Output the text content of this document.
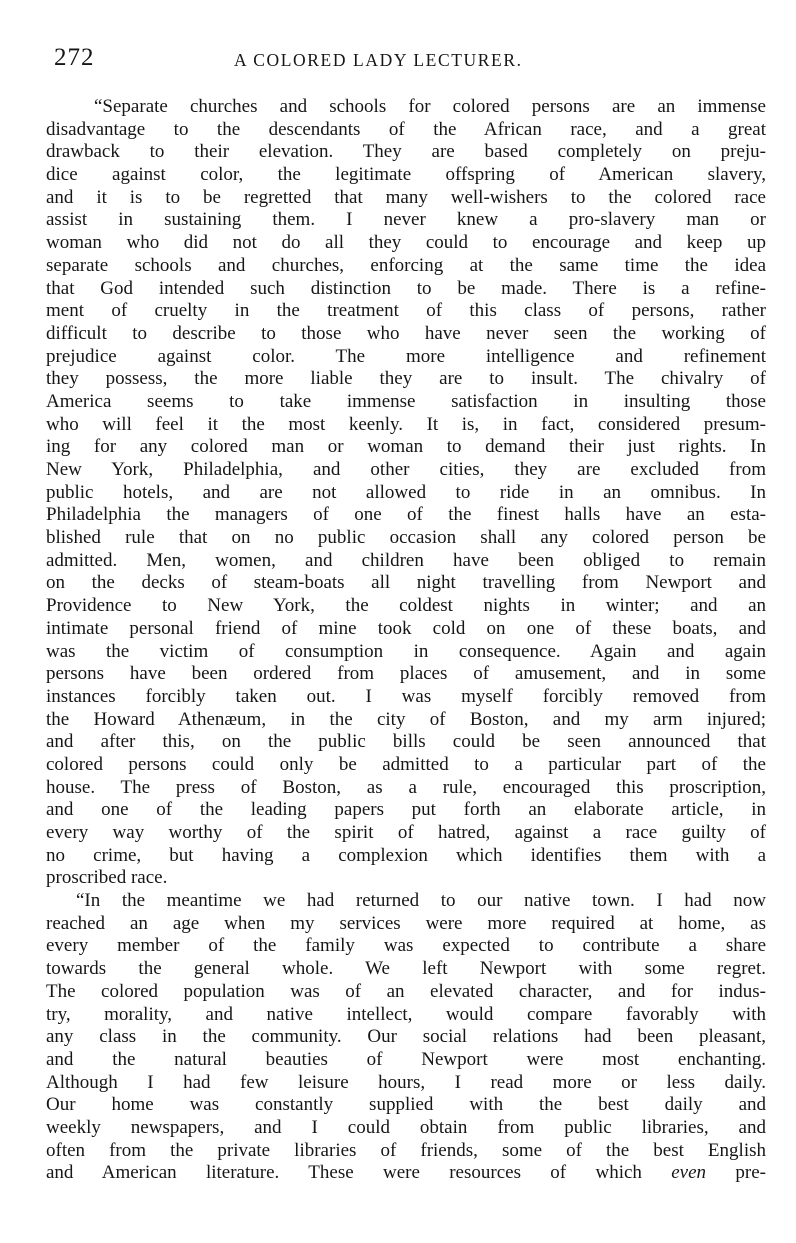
272	A COLORED LADY LECTURER.
“Separate churches and schools for colored persons are an immense
disadvantage to the descendants of the African race, and a great
drawback to their elevation. They are based completely on preju-
dice against color, the legitimate offspring of American slavery,
and it is to be regretted that many well-wishers to the colored race
assist in sustaining them. I never knew a pro-slavery man or
woman who did not do all they could to encourage and keep up
separate schools and churches, enforcing at the same time the idea
that God intended such distinction to be made. There is a refine-
ment of cruelty in the treatment of this class of persons, rather
difficult to describe to those who have never seen the working of
prejudice against color. The more intelligence and refinement
they possess, the more liable they are to insult. The chivalry of
America seems to take immense satisfaction in insulting those
who will feel it the most keenly. It is, in fact, considered presum-
ing for any colored man or woman to demand their just rights. In
New York, Philadelphia, and other cities, they are excluded from
public hotels, and are not allowed to ride in an omnibus. In
Philadelphia the managers of one of the finest halls have an esta-
blished rule that on no public occasion shall any colored person be
admitted. Men, women, and children have been obliged to remain
on the decks of steam-boats all night travelling from Newport and
Providence to New York, the coldest nights in winter; and an
intimate personal friend of mine took cold on one of these boats, and
was the victim of consumption in consequence. Again and again
persons have been ordered from places of amusement, and in some
instances forcibly taken out. I was myself forcibly removed from
the Howard Athenæum, in the city of Boston, and my arm injured;
and after this, on the public bills could be seen announced that
colored persons could only be admitted to a particular part of the
house. The press of Boston, as a rule, encouraged this proscription,
and one of the leading papers put forth an elaborate article, in
every way worthy of the spirit of hatred, against a race guilty of
no crime, but having a complexion which identifies them with a
proscribed race.
“In the meantime we had returned to our native town. I had now
reached an age when my services were more required at home, as
every member of the family was expected to contribute a share
towards the general whole. We left Newport with some regret.
The colored population was of an elevated character, and for indus-
try, morality, and native intellect, would compare favorably with
any class in the community. Our social relations had been pleasant,
and the natural beauties of Newport were most enchanting.
Although I had few leisure hours, I read more or less daily.
Our home was constantly supplied with the best daily and
weekly newspapers, and I could obtain from public libraries, and
often from the private libraries of friends, some of the best English
and American literature. These were resources of which even pre-
